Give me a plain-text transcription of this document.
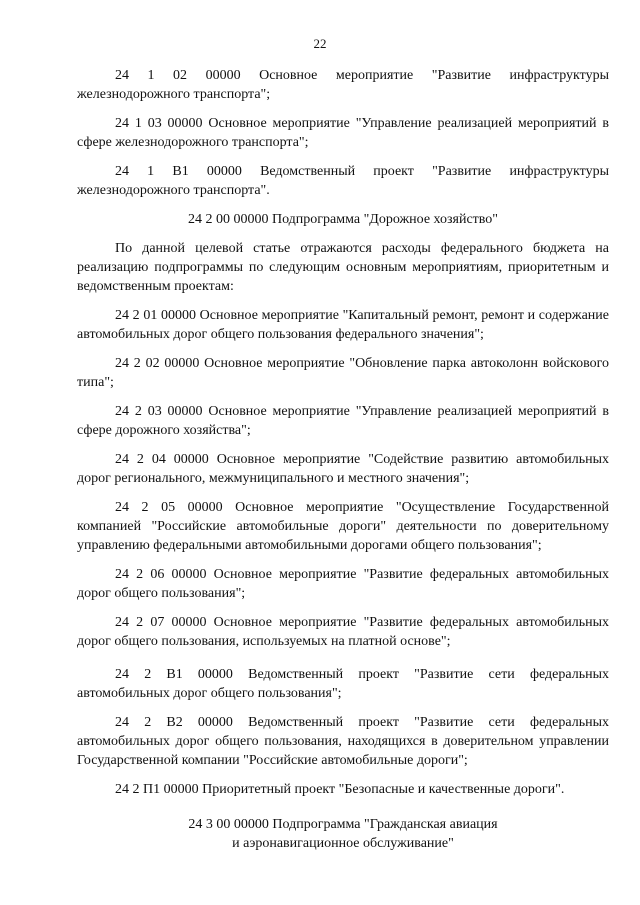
22

24 1 02 00000 Основное мероприятие "Развитие инфраструктуры железнодорожного транспорта";

24 1 03 00000 Основное мероприятие "Управление реализацией мероприятий в сфере железнодорожного транспорта";

24 1 B1 00000 Ведомственный проект "Развитие инфраструктуры железнодорожного транспорта".

24 2 00 00000 Подпрограмма "Дорожное хозяйство"

По данной целевой статье отражаются расходы федерального бюджета на реализацию подпрограммы по следующим основным мероприятиям, приоритетным и ведомственным проектам:

24 2 01 00000 Основное мероприятие "Капитальный ремонт, ремонт и содержание автомобильных дорог общего пользования федерального значения";

24 2 02 00000 Основное мероприятие "Обновление парка автоколонн войскового типа";

24 2 03 00000 Основное мероприятие "Управление реализацией мероприятий в сфере дорожного хозяйства";

24 2 04 00000 Основное мероприятие "Содействие развитию автомобильных дорог регионального, межмуниципального и местного значения";

24 2 05 00000 Основное мероприятие "Осуществление Государственной компанией "Российские автомобильные дороги" деятельности по доверительному управлению федеральными автомобильными дорогами общего пользования";

24 2 06 00000 Основное мероприятие "Развитие федеральных автомобильных дорог общего пользования";

24 2 07 00000 Основное мероприятие "Развитие федеральных автомобильных дорог общего пользования, используемых на платной основе";

24 2 B1 00000 Ведомственный проект "Развитие сети федеральных автомобильных дорог общего пользования";

24 2 B2 00000 Ведомственный проект "Развитие сети федеральных автомобильных дорог общего пользования, находящихся в доверительном управлении Государственной компании "Российские автомобильные дороги";

24 2 П1 00000 Приоритетный проект "Безопасные и качественные дороги".

24 3 00 00000 Подпрограмма "Гражданская авиация
и аэронавигационное обслуживание"
